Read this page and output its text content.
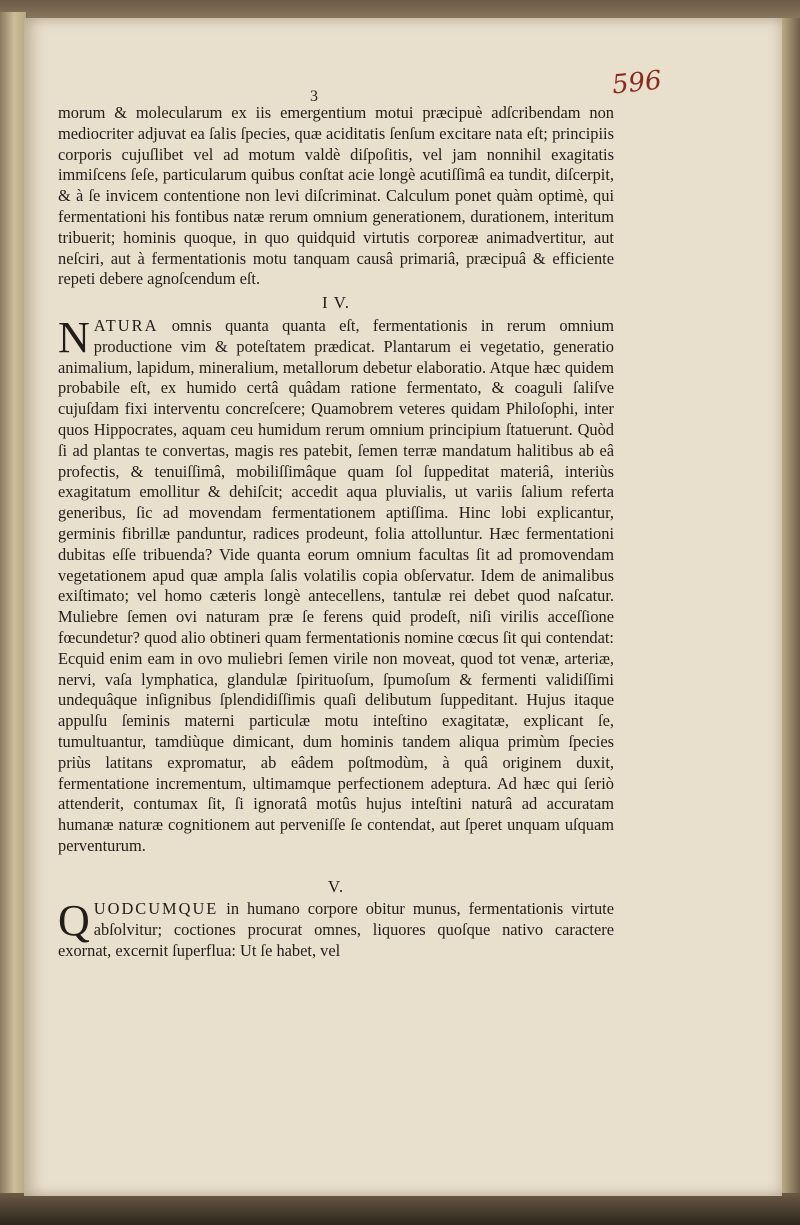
596
3

morum & molecularum ex iis emergentium motui præcipuè adſcribendam non mediocriter adjuvat ea ſalis ſpecies, quæ aciditatis ſenſum excitare nata eſt; principiis corporis cujuſlibet vel ad motum valdè diſpoſitis, vel jam nonnihil exagitatis immiſcens ſeſe, particularum quibus conſtat acie longè acutiſſimâ ea tundit, diſcerpit, & à ſe invicem contentione non levi diſcriminat. Calculum ponet quàm optimè, qui fermentationi his fontibus natæ rerum omnium generationem, durationem, interitum tribuerit; hominis quoque, in quo quidquid virtutis corporeæ animadvertitur, aut neſciri, aut à fermentationis motu tanquam causâ primariâ, præcipuâ & efficiente repeti debere agnoſcendum eſt.

I V.

NATURA omnis quanta quanta eſt, fermentationis in rerum omnium productione vim & poteſtatem prædicat. Plantarum ei vegetatio, generatio animalium, lapidum, mineralium, metallorum debetur elaboratio. Atque hæc quidem probabile eſt, ex humido certâ quâdam ratione fermentato, & coaguli ſaliſve cujuſdam fixi interventu concreſcere; Quamobrem veteres quidam Philoſophi, inter quos Hippocrates, aquam ceu humidum rerum omnium principium ſtatuerunt. Quòd ſi ad plantas te convertas, magis res patebit, ſemen terræ mandatum halitibus ab eâ profectis, & tenuiſſimâ, mobiliſſimâque quam ſol ſuppeditat materiâ, interiùs exagitatum emollitur & dehiſcit; accedit aqua pluvialis, ut variis ſalium referta generibus, ſic ad movendam fermentationem aptiſſima. Hinc lobi explicantur, germinis fibrillæ panduntur, radices prodeunt, folia attolluntur. Hæc fermentationi dubitas eſſe tribuenda? Vide quanta eorum omnium facultas ſit ad promovendam vegetationem apud quæ ampla ſalis volatilis copia obſervatur. Idem de animalibus exiſtimato; vel homo cæteris longè antecellens, tantulæ rei debet quod naſcatur. Muliebre ſemen ovi naturam præ ſe ferens quid prodeſt, niſi virilis acceſſione fœcundetur? quod alio obtineri quam fermentationis nomine cœcus ſit qui contendat: Ecquid enim eam in ovo muliebri ſemen virile non moveat, quod tot venæ, arteriæ, nervi, vaſa lymphatica, glandulæ ſpirituoſum, ſpumoſum & fermenti validiſſimi undequâque inſignibus ſplendidiſſimis quaſi delibutum ſuppeditant. Hujus itaque appulſu ſeminis materni particulæ motu inteſtino exagitatæ, explicant ſe, tumultuantur, tamdiùque dimicant, dum hominis tandem aliqua primùm ſpecies priùs latitans expromatur, ab eâdem poſtmodùm, à quâ originem duxit, fermentatione incrementum, ultimamque perfectionem adeptura. Ad hæc qui ſeriò attenderit, contumax ſit, ſi ignoratâ motûs hujus inteſtini naturâ ad accuratam humanæ naturæ cognitionem aut perveniſſe ſe contendat, aut ſperet unquam uſquam perventurum.

V.

QUODCUMQUE in humano corpore obitur munus, fermentationis virtute abſolvitur; coctiones procurat omnes, liquores quoſque nativo caractere exornat, excernit ſuperflua: Ut ſe habet, vel
